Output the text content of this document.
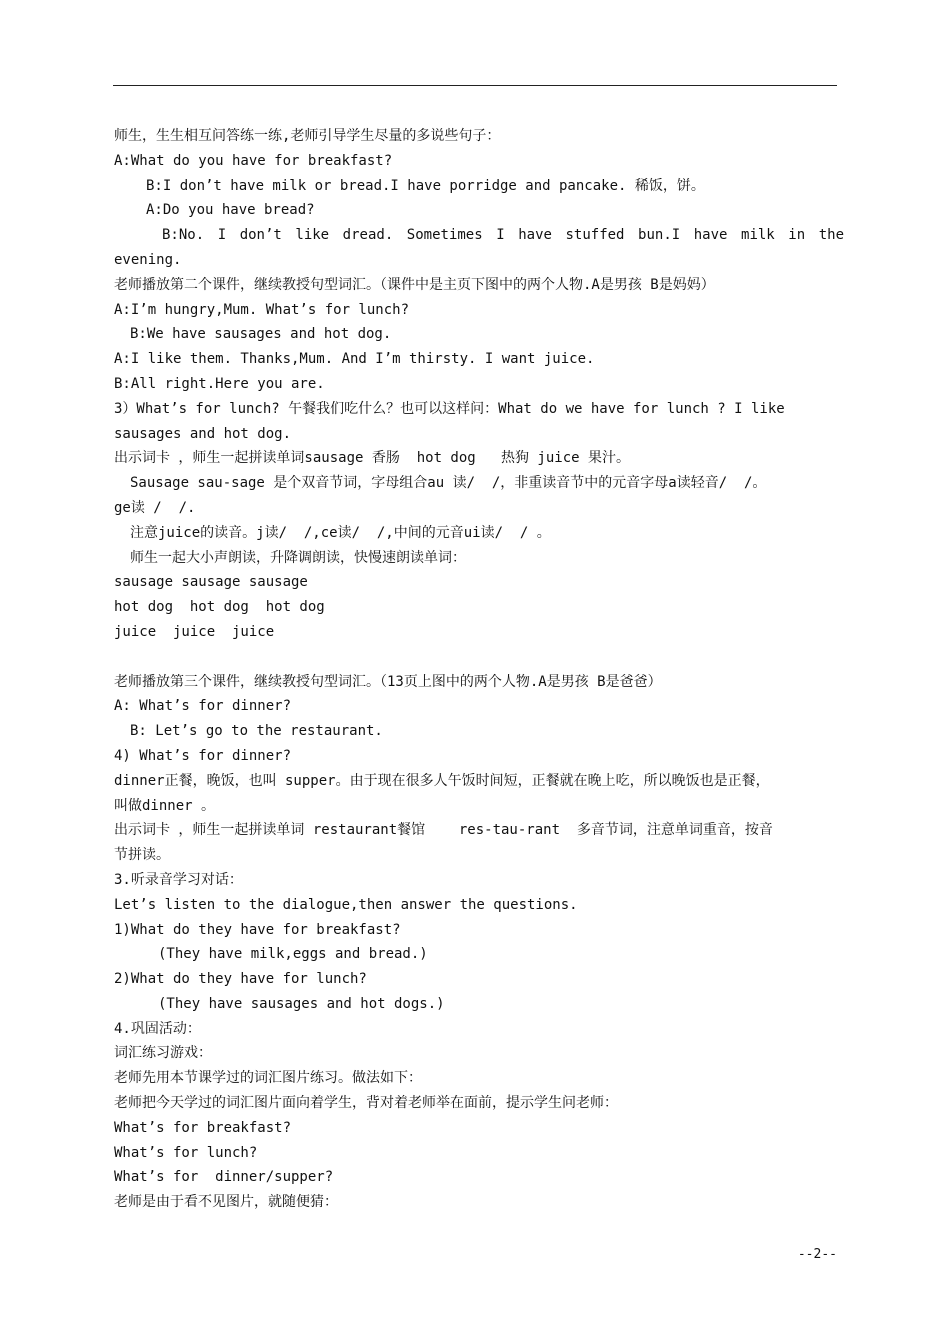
师生，生生相互问答练一练,老师引导学生尽量的多说些句子：
A:What do you have for breakfast?
B:I don’t have milk or bread.I have porridge and pancake. 稀饭，饼。
A:Do you have bread?
B:No. I don’t like dread. Sometimes I have stuffed bun.I have milk in the
evening.
老师播放第二个课件，继续教授句型词汇。（课件中是主页下图中的两个人物.A是男孩 B是妈妈）
A:I’m hungry,Mum. What’s for lunch?
B:We have sausages and hot dog.
A:I like them. Thanks,Mum. And I’m thirsty. I want juice.
B:All right.Here you are.
3）What’s for lunch? 午餐我们吃什么？也可以这样问：What do we have for lunch ? I like
sausages and hot dog.
出示词卡 ，师生一起拼读单词sausage 香肠  hot dog   热狗 juice 果汁。
Sausage sau-sage 是个双音节词，字母组合au 读/  /，非重读音节中的元音字母a读轻音/  /。
ge读 /  /.
注意juice的读音。j读/  /,ce读/  /,中间的元音ui读/  / 。
师生一起大小声朗读，升降调朗读，快慢速朗读单词：
sausage sausage sausage
hot dog  hot dog  hot dog
juice  juice  juice
老师播放第三个课件，继续教授句型词汇。（13页上图中的两个人物.A是男孩 B是爸爸）
A: What’s for dinner?
B: Let’s go to the restaurant.
4) What’s for dinner?
dinner正餐，晚饭，也叫 supper。由于现在很多人午饭时间短，正餐就在晚上吃，所以晚饭也是正餐，
叫做dinner 。
出示词卡 ，师生一起拼读单词 restaurant餐馆    res-tau-rant  多音节词，注意单词重音，按音
节拼读。
3.听录音学习对话：
Let’s listen to the dialogue,then answer the questions.
1)What do they have for breakfast?
(They have milk,eggs and bread.)
2)What do they have for lunch?
(They have sausages and hot dogs.)
4.巩固活动：
词汇练习游戏：
老师先用本节课学过的词汇图片练习。做法如下：
老师把今天学过的词汇图片面向着学生，背对着老师举在面前，提示学生问老师：
What’s for breakfast?
What’s for lunch?
What’s for  dinner/supper?
老师是由于看不见图片，就随便猜：
--2--
